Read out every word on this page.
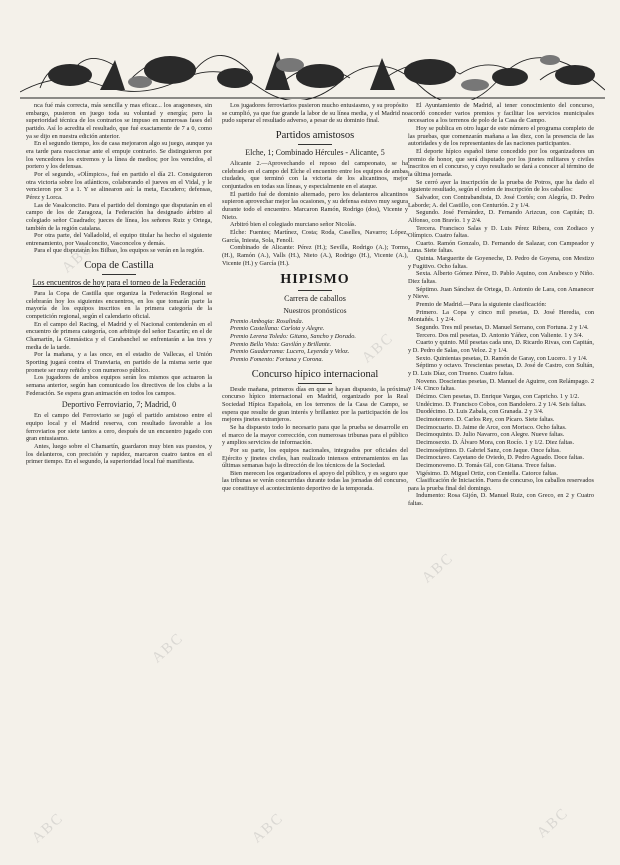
nca fué más correcta, más sencilla y mas eficaz... los aragoneses, sin embargo, pusieron en juego toda su voluntad y energía; pero la superioridad técnica de los contrarios se impuso en numerosas fases del partido. Así lo acredita el resultado, que fué exactamente de 7 a 0, como ya se dijo en nuestra edición anterior.

En el segundo tiempo, los de casa mejoraron algo su juego, aunque ya era tarde para reaccionar ante el empuje contrario. Se distinguieron por los vencedores los extremos y la línea de medios; por los vencidos, el portero y los defensas.

Por el segundo, «Olímpico», fué en partido el día 21. Consiguieron otra victoria sobre los atlánticos, colaborando el jueves en el Vidal, y le vencieron por 3 a 1. Y se alinearon así: la meta, Escudero; defensas, Pérez y Lorca.

Las de Vasalconcito. Para el partido del domingo que disputarán en el campo de los de Zaragoza, la Federación ha designado árbitro al colegiado señor Cuadrado; jueces de línea, los señores Ruiz y Ortega, también de la región catalana.

Por otra parte, del Valladolid, el equipo titular ha hecho el siguiente entrenamiento, por Vasalconcito, Vasconcelos y demás.

Para el que disputarán los Bilbao, los equipos se verán en la región.

Copa de Castilla
Los encuentros de hoy para el torneo de la Federación

Para la Copa de Castilla que organiza la Federación Regional se celebrarán hoy los siguientes encuentros, en los que tomarán parte la mayoría de los equipos inscritos en la primera categoría de la competición regional, según el calendario oficial.

En el campo del Racing, el Madrid y el Nacional contenderán en el encuentro de primera categoría, con arbitraje del señor Escartín; en el de Chamartín, la Gimnástica y el Carabanchel se enfrentarán a las tres y media de la tarde.

Por la mañana, y a las once, en el estadio de Vallecas, el Unión Sporting jugará contra el Tranviaria, en partido de la misma serie que promete ser muy reñido y con numeroso público.

Los jugadores de ambos equipos serán los mismos que actuaron la semana anterior, según han comunicado los directivos de los clubs a la Federación. Se espera gran animación en todos los campos.

Deportivo Ferroviario, 7; Madrid, 0

En el campo del Ferroviario se jugó el partido amistoso entre el equipo local y el Madrid reserva, con resultado favorable a los ferroviarios por siete tantos a cero, después de un encuentro jugado con gran entusiasmo.

Antes, luego sobre el Chamartín, guardaron muy bien sus puestos, y los delanteros, con precisión y rapidez, marcaron cuatro tantos en el primer tiempo. En el segundo, la superioridad local fué manifiesta.

Los jugadores ferroviarios pusieron mucho entusiasmo, y su propósito se cumplió, ya que fue grande la labor de su línea media, y el Madrid no pudo superar el resultado adverso, a pesar de su dominio final.

Partidos amistosos
Elche, 1; Combinado Hércules - Alicante, 5

Alicante 2.—Aprovechando el reposo del campeonato, se ha celebrado en el campo del Elche el encuentro entre los equipos de ambas ciudades, que terminó con la victoria de los alicantinos, mejor conjuntados en todas sus líneas, y especialmente en el ataque.

El partido fué de dominio alternado, pero los delanteros alicantinos supieron aprovechar mejor las ocasiones, y su defensa estuvo muy segura durante todo el encuentro. Marcaron Ramón, Rodrigo (dos), Vicente y Nieto.

Arbitró bien el colegiado murciano señor Nicolás.

Elche: Fuentes; Martínez, Costa; Roda, Caselles, Navarro; López, García, Iniesta, Sola, Fenoll.

Combinado de Alicante: Pérez (H.); Sevilla, Rodrigo (A.); Tormo (H.), Ramón (A.), Valls (H.), Nieto (A.), Rodrigo (H.), Vicente (A.), Vicente (H.) y García (H.).

HIPISMO
Carrera de caballos
Nuestros pronósticos

Premio Ambogia: Rosalinda.

Premio Castellana: Carlota y Alegre.

Premio Lerena Toledo: Gitano, Sancho y Dorado.

Premio Bella Vista: Gavilán y Brillante.

Premio Guadarrama: Lucero, Leyenda y Veloz.

Premio Fomento: Fortuna y Corona.

Concurso hípico internacional

Desde mañana, primeros días en que se hayan dispuesto, la próxima concurso hípico internacional en Madrid, organizado por la Real Sociedad Hípica Española, en los terrenos de la Casa de Campo, se espera que resulte de gran interés y brillantez por la participación de los mejores jinetes extranjeros.

Se ha dispuesto todo lo necesario para que la prueba se desarrolle en el marco de la mayor corrección, con numerosas tribunas para el público y amplios servicios de información.

Por su parte, los equipos nacionales, integrados por oficiales del Ejército y jinetes civiles, han realizado intensos entrenamientos en las últimas semanas bajo la dirección de los técnicos de la Sociedad.

Bien merecen los organizadores el apoyo del público, y es seguro que las tribunas se verán concurridas durante todas las jornadas del concurso, que constituye el acontecimiento deportivo de la temporada.

El Ayuntamiento de Madrid, al tener conocimiento del concurso, acordó conceder varios premios y facilitar los servicios municipales necesarios a los terrenos de polo de la Casa de Campo.

Hoy se publica en otro lugar de este número el programa completo de las pruebas, que comenzarán mañana a las diez, con la presencia de las autoridades y de los representantes de las naciones participantes.

El deporte hípico español tiene concedido por los organizadores un premio de honor, que será disputado por los jinetes militares y civiles inscritos en el concurso, y cuyo resultado se dará a conocer al término de la última jornada.

Se cerró ayer la inscripción de la prueba de Potros, que ha dado el siguiente resultado, según el orden de inscripción de los caballos:

Salvador, con Contrabandista, D. José Cortés; con Alegría, D. Pedro Laborde; A. del Castillo, con Centurión. 2 y 1/4.

Segundo. José Fernández, D. Fernando Arizcun, con Capitán; D. Alfonso, con Bravío. 1 y 2/4.

Tercera. Francisco Salas y D. Luis Pérez Ribera, con Zodiaco y Olímpico. Cuatro faltas.

Cuarto. Ramón Gonzalo, D. Fernando de Salazar, con Campeador y Luna. Siete faltas.

Quinta. Marguerite de Goyeneche, D. Pedro de Goyena, con Mestizo y Fugitivo. Ocho faltas.

Sexta. Alberto Gómez Pérez, D. Pablo Aquino, con Arabesco y Niño. Diez faltas.

Séptimo. Juan Sánchez de Ortega, D. Antonio de Lara, con Amanecer y Nieve.

Premio de Madrid.—Para la siguiente clasificación:

Primero. La Copa y cinco mil pesetas, D. José Heredia, con Montañés. 1 y 2/4.

Segundo. Tres mil pesetas, D. Manuel Serrano, con Fortuna. 2 y 1/4.

Tercero. Dos mil pesetas, D. Antonio Yáñez, con Valiente. 1 y 3/4.

Cuarto y quinto. Mil pesetas cada uno, D. Ricardo Rivas, con Capitán, y D. Pedro de Salas, con Veloz. 2 y 1/4.

Sexto. Quinientas pesetas, D. Ramón de Garay, con Lucero. 1 y 1/4.

Séptimo y octavo. Trescientas pesetas, D. José de Castro, con Sultán, y D. Luis Díaz, con Trueno. Cuatro faltas.

Noveno. Doscientas pesetas, D. Manuel de Aguirre, con Relámpago. 2 y 1/4. Cinco faltas.

Décimo. Cien pesetas, D. Enrique Vargas, con Capricho. 1 y 1/2.

Undécimo. D. Francisco Cobos, con Bandolero. 2 y 1/4. Seis faltas.

Duodécimo. D. Luis Zabala, con Granada. 2 y 3/4.

Decimotercero. D. Carlos Rey, con Pícaro. Siete faltas.

Decimocuarto. D. Jaime de Arce, con Morisco. Ocho faltas.

Decimoquinto. D. Julio Navarro, con Alegre. Nueve faltas.

Decimosexto. D. Álvaro Mora, con Rocío. 1 y 1/2. Diez faltas.

Decimoséptimo. D. Gabriel Sanz, con Jaque. Once faltas.

Decimoctavo. Cayetano de Oviedo, D. Pedro Aguado. Doce faltas.

Decimonoveno. D. Tomás Gil, con Gitana. Trece faltas.

Vigésimo. D. Miguel Ortiz, con Centella. Catorce faltas.

Clasificación de Iniciación. Fuera de concurso, los caballos reservados para la prueba final del domingo.

Indumento: Rosa Gijón, D. Manuel Ruiz, con Greco, en 2 y Cuatro faltas.

ABC
ABC
ABC
ABC
ABC	ABC	ABC
